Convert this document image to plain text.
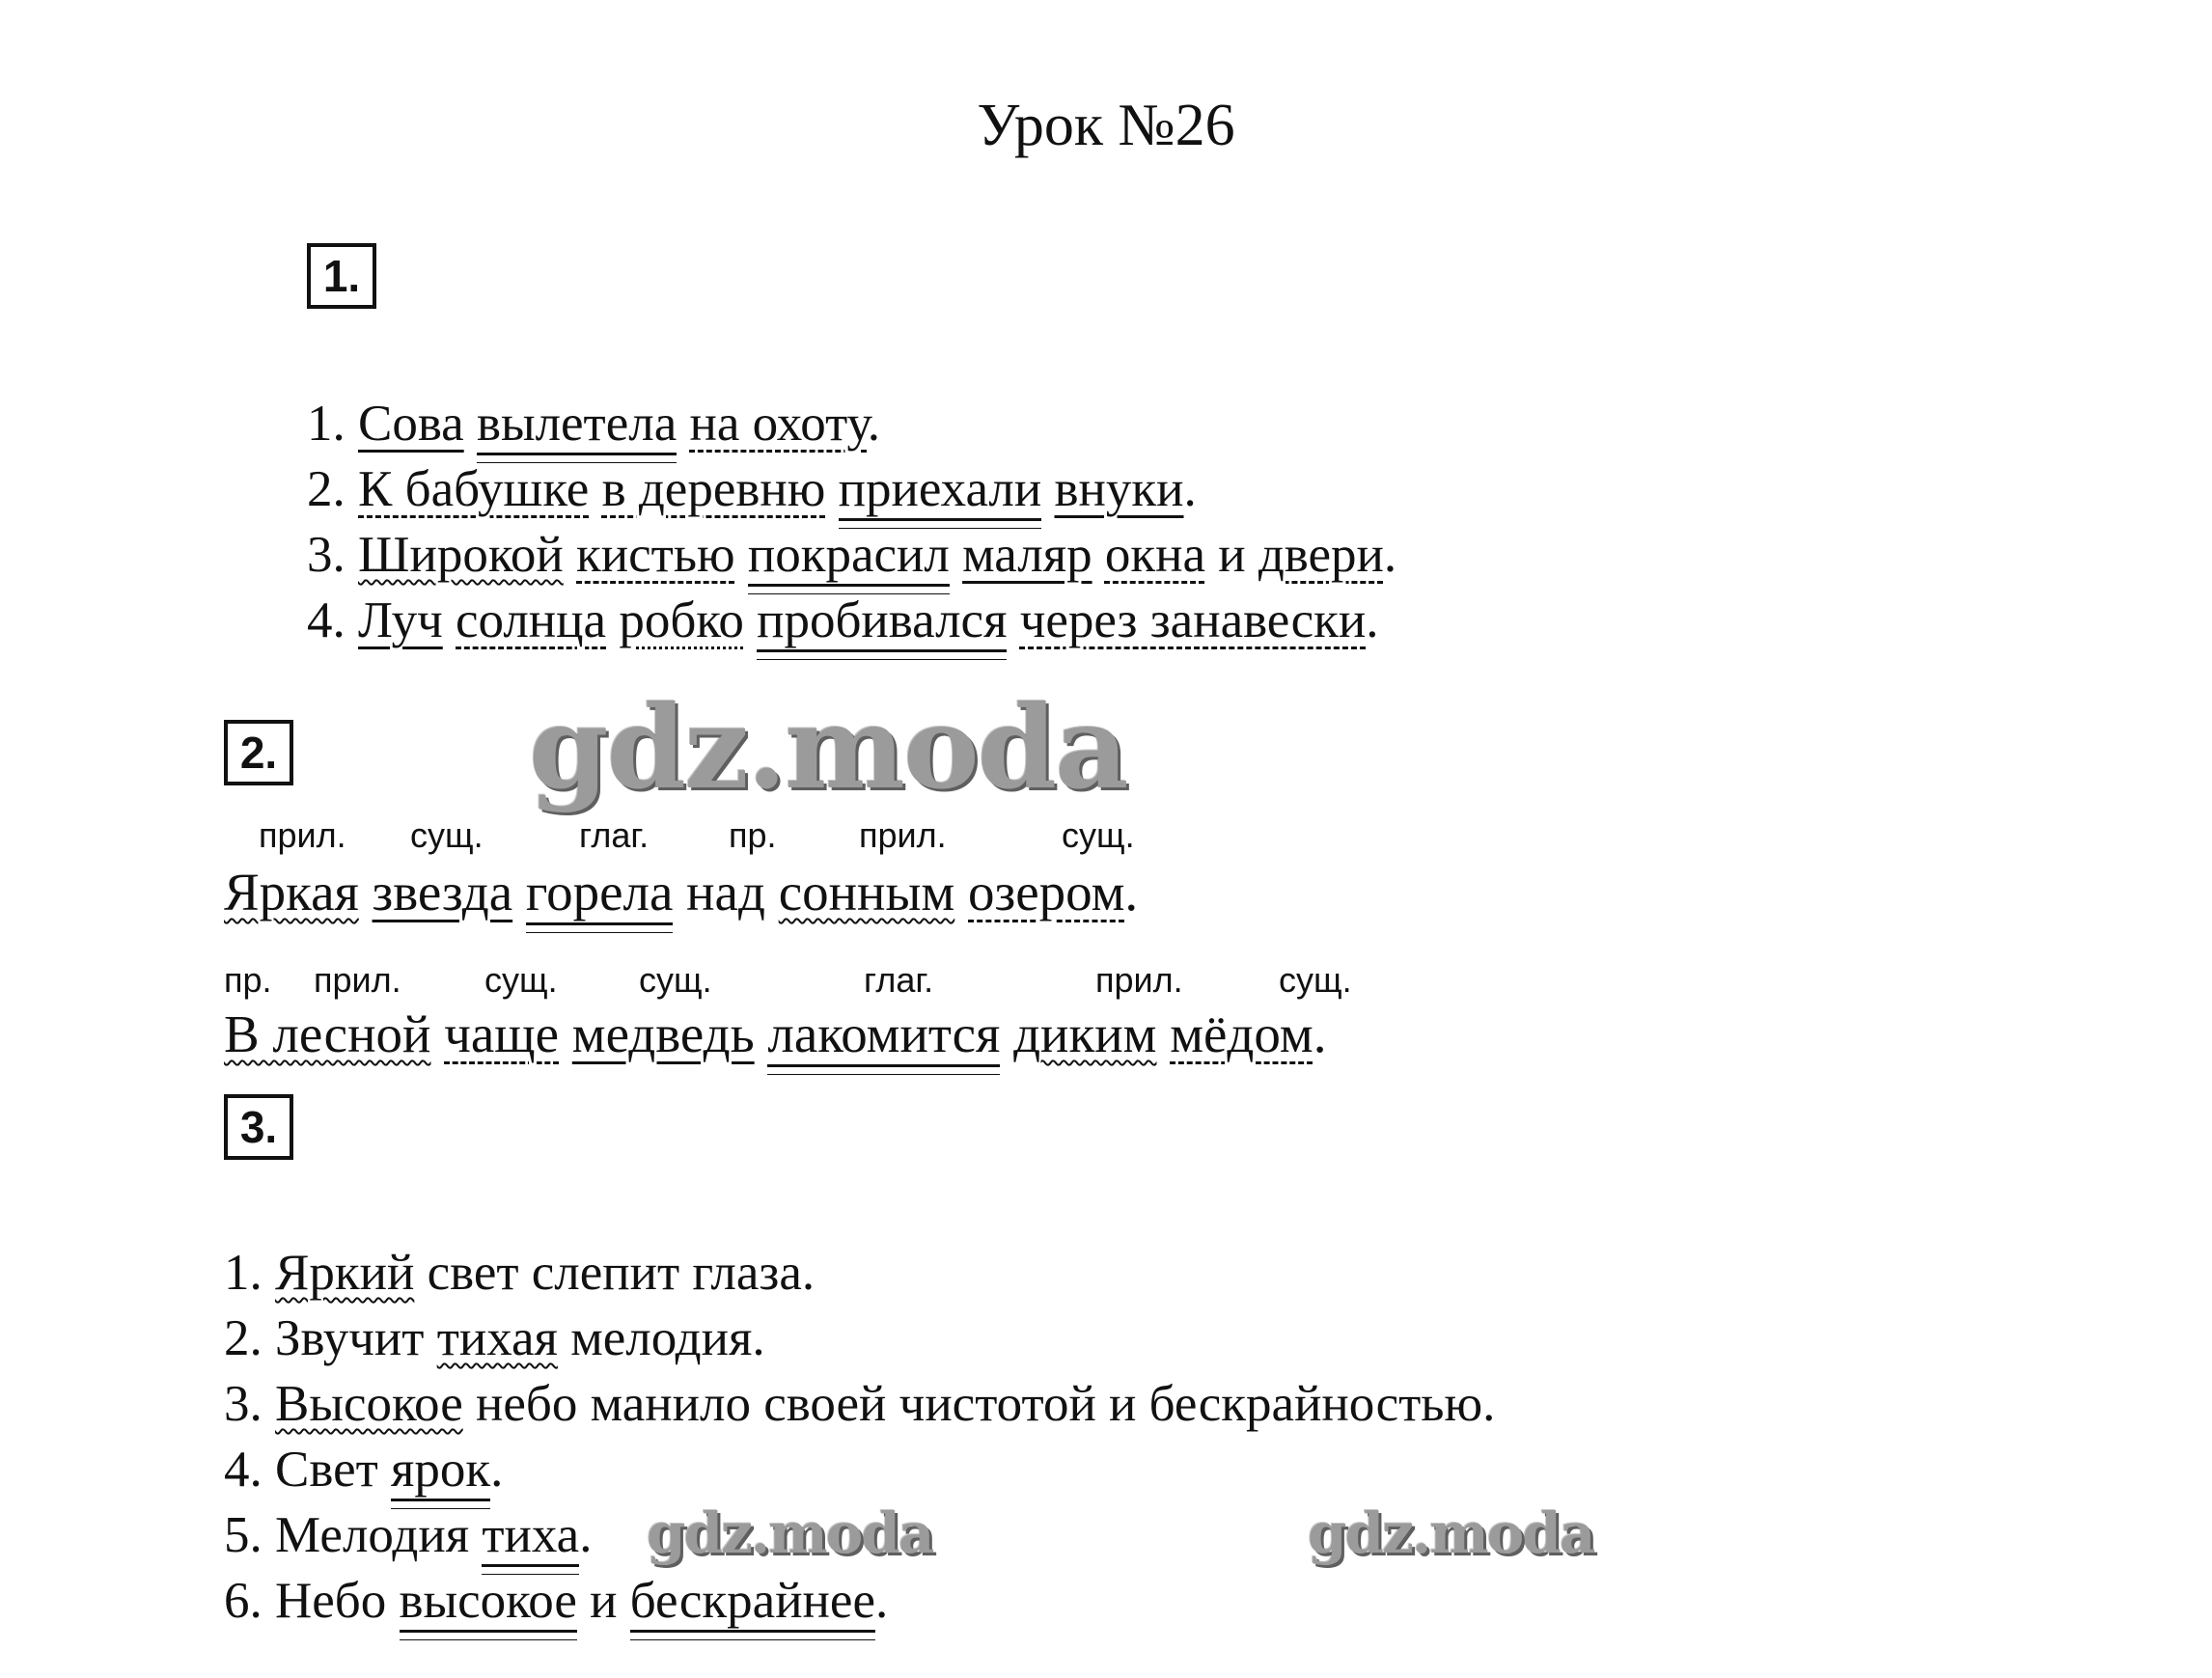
Урок №26
1.
1. Сова вылетела на охоту.
2. К бабушке в деревню приехали внуки.
3. Широкой кистью покрасил маляр окна и двери.
4. Луч солнца робко пробивался через занавески.
2.
прил. сущ.	глаг. пр. прил.	сущ.
Яркая звезда горела над сонным озером.
пр. прил. сущ. сущ.	глаг.	прил.	сущ.
В лесной чаще медведь лакомится диким мёдом.
3.
1. Яркий свет слепит глаза.
2. Звучит тихая мелодия.
3. Высокое небо манило своей чистотой и бескрайностью.
4. Свет ярок.
5. Мелодия тиха.
6. Небо высокое и бескрайнее.
gdz.moda
gdz.moda	gdz.moda
